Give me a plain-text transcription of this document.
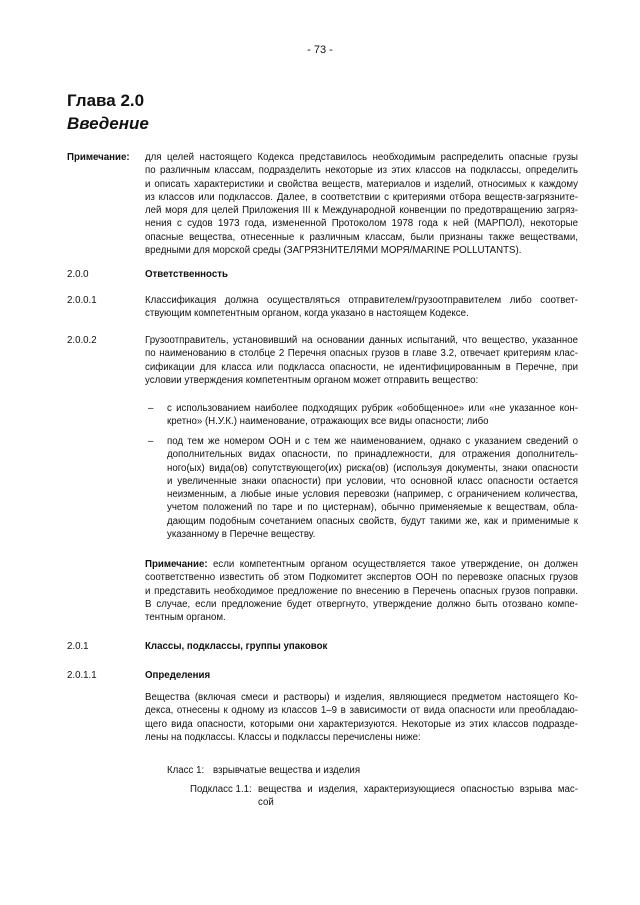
- 73 -
Глава 2.0
Введение
Примечание: для целей настоящего Кодекса представилось необходимым распределить опасные грузы
по различным классам, подразделить некоторые из этих классов на подклассы, определить
и описать характеристики и свойства веществ, материалов и изделий, относимых к каждому
из классов или подклассов. Далее, в соответствии с критериями отбора веществ-загрязните-
лей моря для целей Приложения III к Международной конвенции по предотвращению загряз-
нения с судов 1973 года, измененной Протоколом 1978 года к ней (МАРПОЛ), некоторые
опасные вещества, отнесенные к различным классам, были признаны также веществами,
вредными для морской среды (ЗАГРЯЗНИТЕЛЯМИ МОРЯ/MARINE POLLUTANTS).
2.0.0	Ответственность
2.0.0.1	Классификация должна осуществляться отправителем/грузоотправителем либо соответ-
ствующим компетентным органом, когда указано в настоящем Кодексе.
2.0.0.2	Грузоотправитель, установивший на основании данных испытаний, что вещество, указанное
по наименованию в столбце 2 Перечня опасных грузов в главе 3.2, отвечает критериям клас-
сификации для класса или подкласса опасности, не идентифицированным в Перечне, при
условии утверждения компетентным органом может отправить вещество:
– с использованием наиболее подходящих рубрик «обобщенное» или «не указанное кон-
кретно» (Н.У.К.) наименование, отражающих все виды опасности; либо
– под тем же номером ООН и с тем же наименованием, однако с указанием сведений о
дополнительных видах опасности, по принадлежности, для отражения дополнитель-
ного(ых) вида(ов) сопутствующего(их) риска(ов) (используя документы, знаки опасности
и увеличенные знаки опасности) при условии, что основной класс опасности остается
неизменным, а любые иные условия перевозки (например, с ограничением количества,
учетом положений по таре и по цистернам), обычно применяемые к веществам, обла-
дающим подобным сочетанием опасных свойств, будут такими же, как и применимые к
указанному в Перечне веществу.
Примечание: если компетентным органом осуществляется такое утверждение, он должен
соответственно известить об этом Подкомитет экспертов ООН по перевозке опасных грузов
и представить необходимое предложение по внесению в Перечень опасных грузов поправки.
В случае, если предложение будет отвергнуто, утверждение должно быть отозвано компе-
тентным органом.
2.0.1	Классы, подклассы, группы упаковок
2.0.1.1	Определения
Вещества (включая смеси и растворы) и изделия, являющиеся предметом настоящего Ко-
декса, отнесены к одному из классов 1–9 в зависимости от вида опасности или преобладаю-
щего вида опасности, которыми они характеризуются. Некоторые из этих классов подразде-
лены на подклассы. Классы и подклассы перечислены ниже:
Класс 1: взрывчатые вещества и изделия
Подкласс 1.1: вещества и изделия, характеризующиеся опасностью взрыва мас-
сой
